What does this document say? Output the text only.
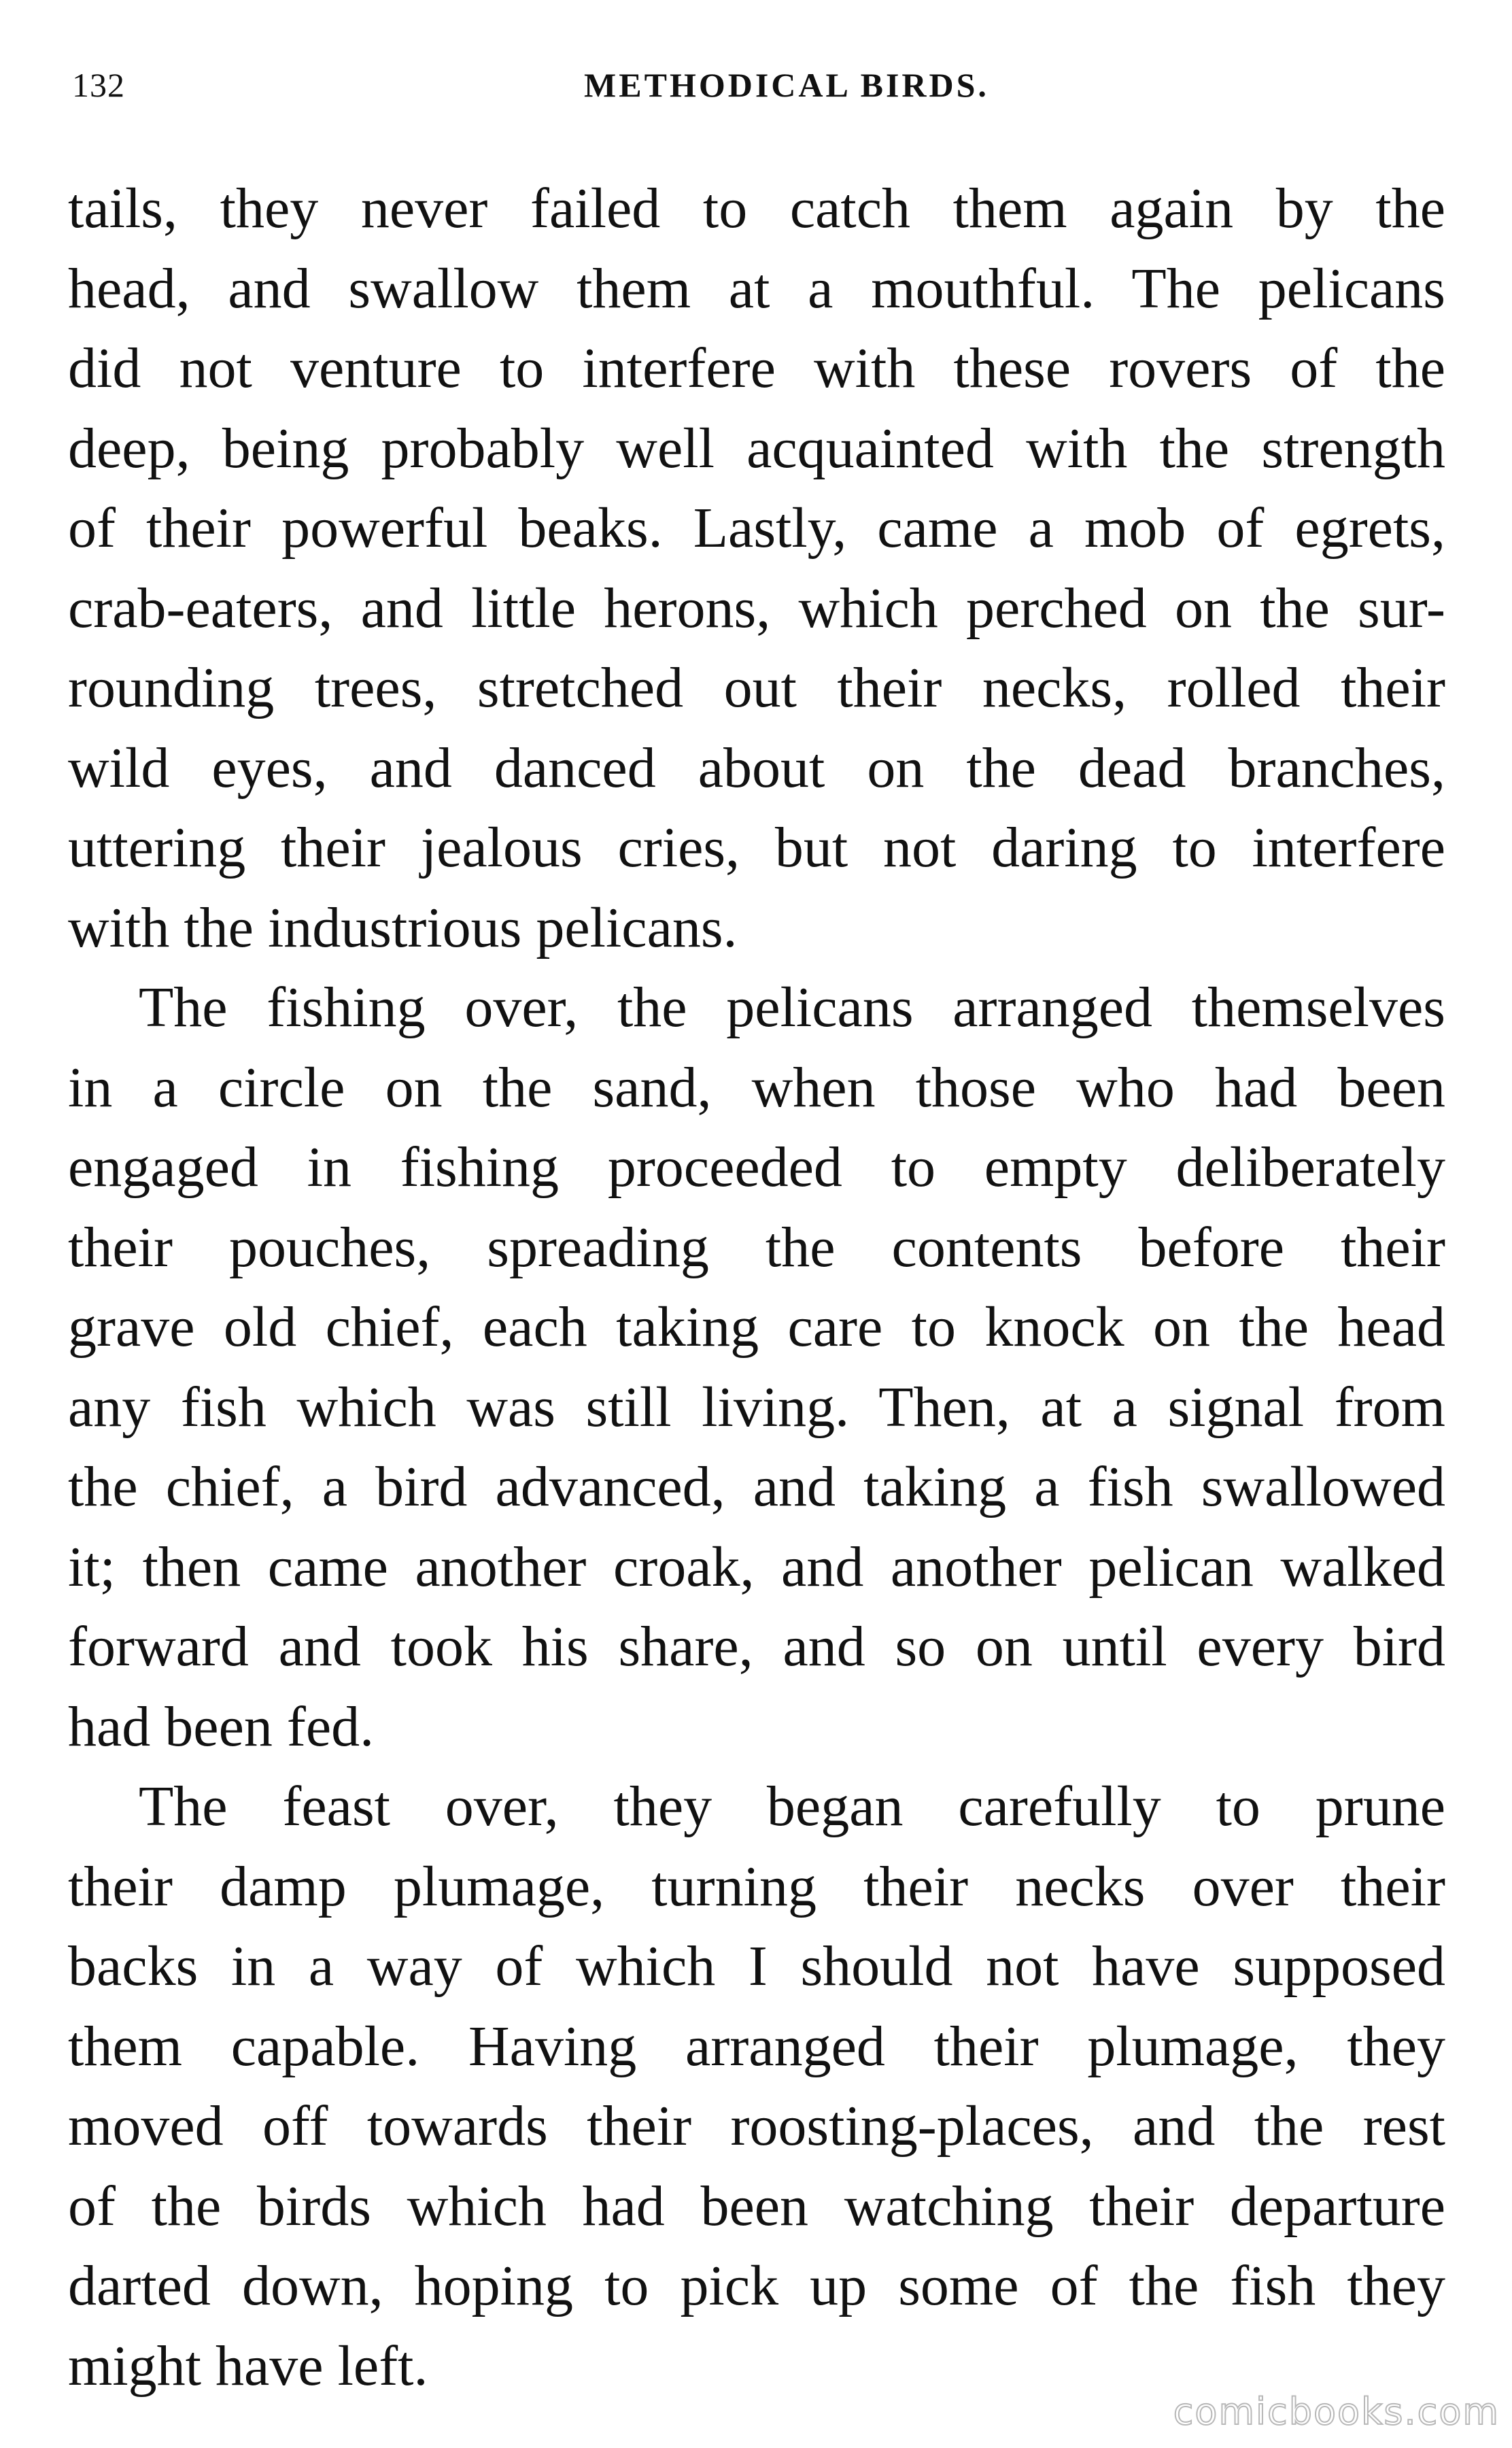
132	METHODICAL BIRDS.
tails, they never failed to catch them again by the
head, and swallow them at a mouthful. The pelicans
did not venture to interfere with these rovers of the
deep, being probably well acquainted with the strength
of their powerful beaks. Lastly, came a mob of egrets,
crab-eaters, and little herons, which perched on the sur-
rounding trees, stretched out their necks, rolled their
wild eyes, and danced about on the dead branches,
uttering their jealous cries, but not daring to interfere
with the industrious pelicans.
The fishing over, the pelicans arranged themselves
in a circle on the sand, when those who had been
engaged in fishing proceeded to empty deliberately
their pouches, spreading the contents before their
grave old chief, each taking care to knock on the head
any fish which was still living. Then, at a signal from
the chief, a bird advanced, and taking a fish swallowed
it; then came another croak, and another pelican walked
forward and took his share, and so on until every bird
had been fed.
The feast over, they began carefully to prune
their damp plumage, turning their necks over their
backs in a way of which I should not have supposed
them capable. Having arranged their plumage, they
moved off towards their roosting-places, and the rest
of the birds which had been watching their departure
darted down, hoping to pick up some of the fish they
might have left.
comicbooks.com
